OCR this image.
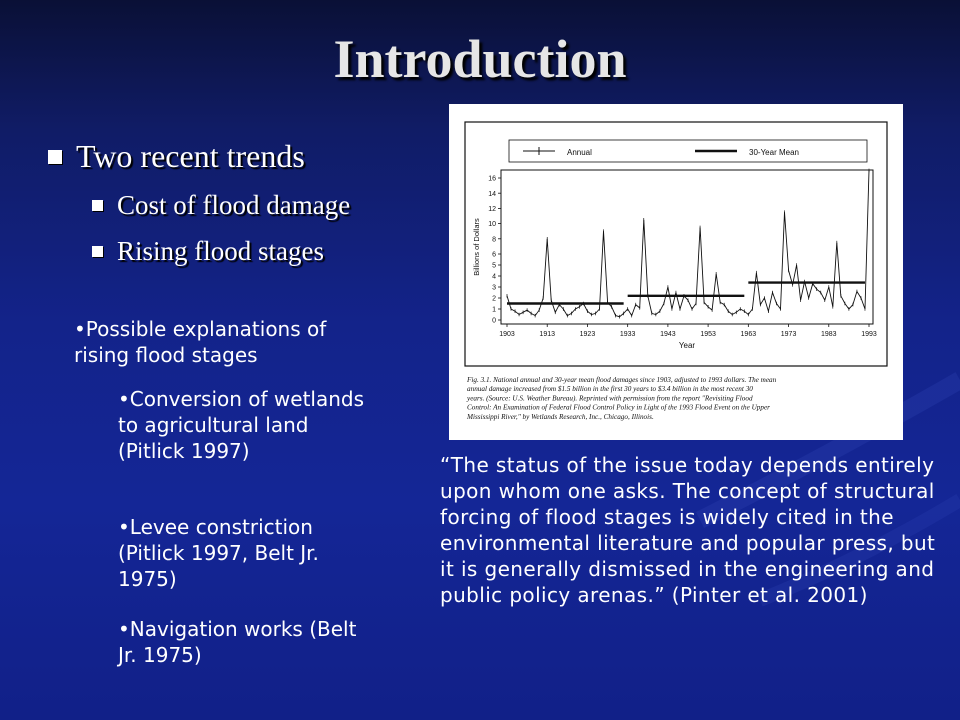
Introduction
Two recent trends
Cost of flood damage
Rising flood stages
•Possible explanations of rising flood stages
•Conversion of wetlands to agricultural land (Pitlick 1997)
•Levee constriction (Pitlick 1997, Belt Jr. 1975)
•Navigation works (Belt Jr. 1975)
“The status of the issue today depends entirely upon whom one asks. The concept of structural forcing of flood stages is widely cited in the environmental literature and popular press, but it is generally dismissed in the engineering and public policy arenas.” (Pinter et al. 2001)
Annual	30-Year Mean
0
1
2
3
4
5
6
8
10
12
14
16
1903	1913	1923	1933	1943	1953	1963	1973	1983	1993
Year
Billions of Dollars
Fig. 3.1. National annual and 30-year mean flood damages since 1903, adjusted to 1993 dollars. The mean annual damage increased from $1.5 billion in the first 30 years to $3.4 billion in the most recent 30 years. (Source: U.S. Weather Bureau). Reprinted with permission from the report "Revisiting Flood Control: An Examination of Federal Flood Control Policy in Light of the 1993 Flood Event on the Upper Mississippi River," by Wetlands Research, Inc., Chicago, Illinois.
